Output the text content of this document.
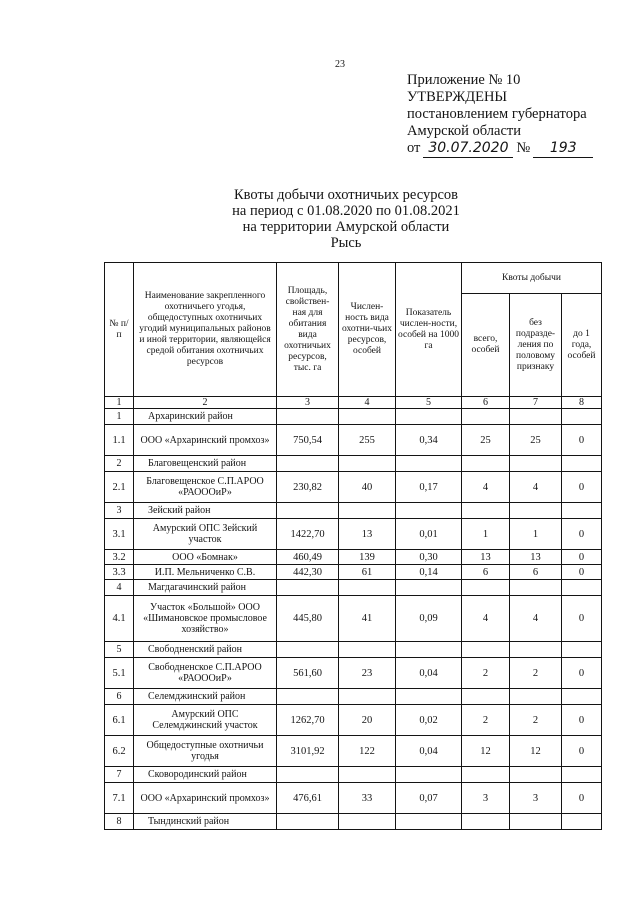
23
Приложение № 10
УТВЕРЖДЕНЫ
постановлением губернатора
Амурской области
от 30.07.2020 № 193
Квоты добычи охотничьих ресурсов
на период с 01.08.2020 по 01.08.2021
на территории Амурской области
Рысь
№ п/п	Наименование закрепленного охотничьего угодья, общедоступных охотничьих угодий муниципальных районов и иной территории, являющейся средой обитания охотничьих ресурсов	Площадь, свойствен-ная для обитания вида охотничьих ресурсов, тыс. га	Числен-ность вида охотни-чьих ресурсов, особей	Показатель числен-ности, особей на 1000 га	Квоты добычи		
					всего, особей	без подразде-ления по половому признаку	до 1 года, особей
1	2	3	4	5	6	7	8
1	Архаринский район						
1.1	ООО «Архаринский промхоз»	750,54	255	0,34	25	25	0
2	Благовещенский район						
2.1	Благовещенское С.П.АРОО «РАОООиР»	230,82	40	0,17	4	4	0
3	Зейский район						
3.1	Амурский ОПС Зейский участок	1422,70	13	0,01	1	1	0
3.2	ООО «Бомнак»	460,49	139	0,30	13	13	0
3.3	И.П. Мельниченко С.В.	442,30	61	0,14	6	6	0
4	Магдагачинский район						
4.1	Участок «Большой» ООО «Шимановское промысловое хозяйство»	445,80	41	0,09	4	4	0
5	Свободненский район						
5.1	Свободненское С.П.АРОО «РАОООиР»	561,60	23	0,04	2	2	0
6	Селемджинский район						
6.1	Амурский ОПС Селемджинский участок	1262,70	20	0,02	2	2	0
6.2	Общедоступные охотничьи угодья	3101,92	122	0,04	12	12	0
7	Сковородинский район						
7.1	ООО «Архаринский промхоз»	476,61	33	0,07	3	3	0
8	Тындинский район						
